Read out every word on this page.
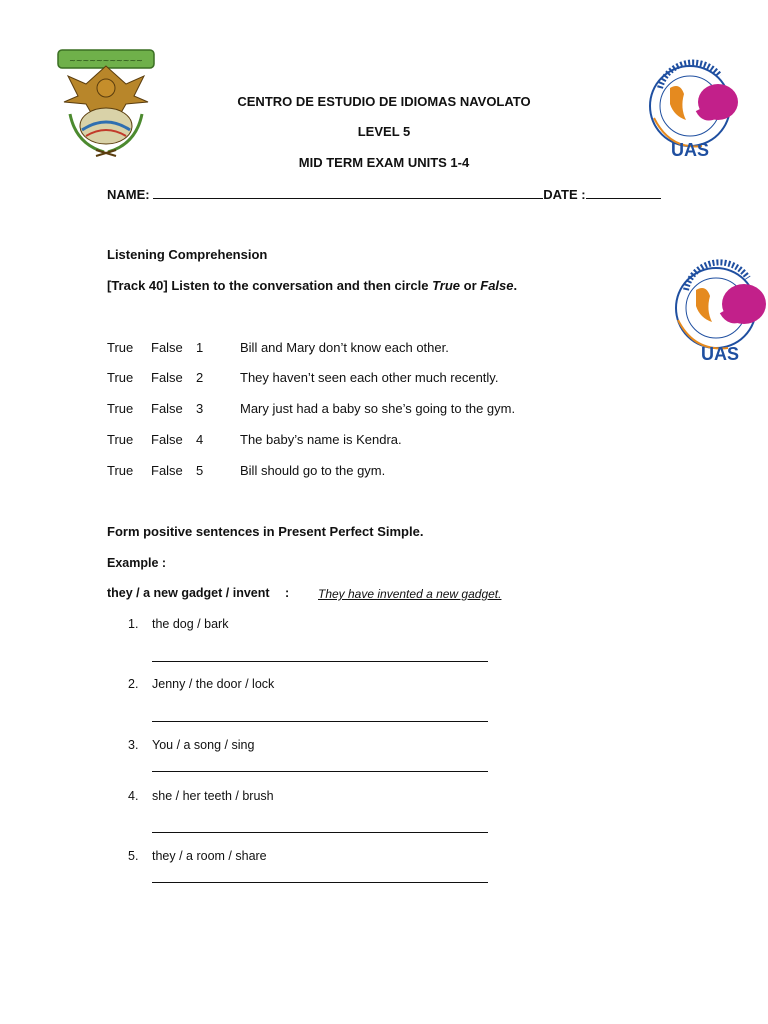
~~~~~~~~~~~
UAS
UAS
CENTRO DE ESTUDIO DE IDIOMAS NAVOLATO
LEVEL 5
MID TERM EXAM UNITS 1-4
NAME:	DATE :
Listening Comprehension
[Track 40] Listen to the conversation and then circle True or False.
True False 1	Bill and Mary don’t know each other.
True False 2	They haven’t seen each other much recently.
True False 3	Mary just had a baby so she’s going to the gym.
True False 4	The baby’s name is Kendra.
True False 5	Bill should go to the gym.
Form positive sentences in Present Perfect Simple.
Example :
they / a new gadget / invent : They have invented a new gadget.
1. the dog / bark
2. Jenny / the door / lock
3. You / a song / sing
4. she / her teeth / brush
5. they / a room / share
